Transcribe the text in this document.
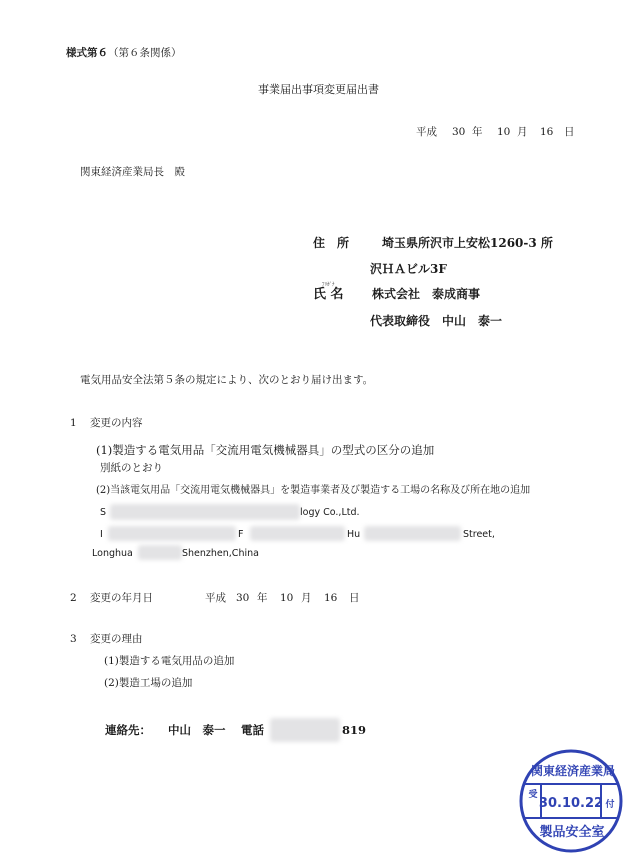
様式第６（第６条関係）
事業届出事項変更届出書
平成 30 年 10 月 16 日
関東経済産業局長　殿
住　所	埼玉県所沢市上安松1260-3 所
沢ＨＡビル3F
ﾌﾘｶﾞﾅ
氏 名 株式会社　泰成商事
代表取締役　中山　泰一
電気用品安全法第５条の規定により、次のとおり届け出ます。
1 変更の内容
(1)製造する電気用品「交流用電気機械器具」の型式の区分の追加
別紙のとおり
(2)当該電気用品「交流用電気機械器具」を製造事業者及び製造する工場の名称及び所在地の追加
S	logy Co.,Ltd.
I	F	Hu	Street,
Longhua	Shenzhen,China
2 変更の年月日	平成 30 年 10 月 16 日
3 変更の理由
(1)製造する電気用品の追加
(2)製造工場の追加
連絡先： 中山　泰一 電話	819
関東経済産業局
受
30.10.22 付
製品安全室
